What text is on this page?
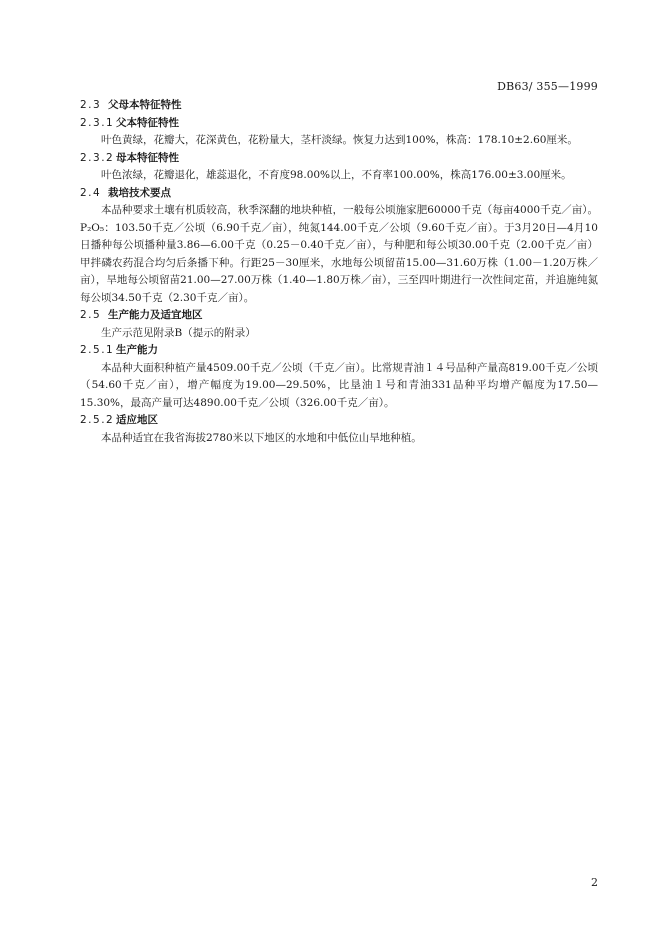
DB63/ 355—1999
2.3 父母本特征特性
2.3.1 父本特征特性

叶色黄绿，花瓣大，花深黄色，花粉量大，茎杆淡绿。恢复力达到100%，株高：178.10±2.60厘米。

2.3.2 母本特征特性

叶色浓绿，花瓣退化，雄蕊退化，不育度98.00%以上，不育率100.00%，株高176.00±3.00厘米。

2.4 栽培技术要点

本品种要求土壤有机质较高，秋季深翻的地块种植，一般每公顷施家肥60000千克（每亩4000千克／亩）。P₂O₅：103.50千克／公顷（6.90千克／亩），纯氮144.00千克／公顷（9.60千克／亩）。于3月20日—4月10日播种每公顷播种量3.86—6.00千克（0.25－0.40千克／亩），与种肥和每公顷30.00千克（2.00千克／亩）甲拌磷农药混合均匀后条播下种。行距25－30厘米，水地每公顷留苗15.00—31.60万株（1.00－1.20万株／亩），旱地每公顷留苗21.00—27.00万株（1.40—1.80万株／亩），三至四叶期进行一次性间定苗，并追施纯氮每公顷34.50千克（2.30千克／亩）。

2.5 生产能力及适宜地区

生产示范见附录B（提示的附录）

2.5.1 生产能力

本品种大面积种植产量4509.00千克／公顷（千克／亩）。比常规青油１４号品种产量高819.00千克／公顷（54.60千克／亩），增产幅度为19.00—29.50%，比垦油１号和青油331品种平均增产幅度为17.50—15.30%，最高产量可达4890.00千克／公顷（326.00千克／亩）。

2.5.2 适应地区

本品种适宜在我省海拔2780米以下地区的水地和中低位山旱地种植。

2
